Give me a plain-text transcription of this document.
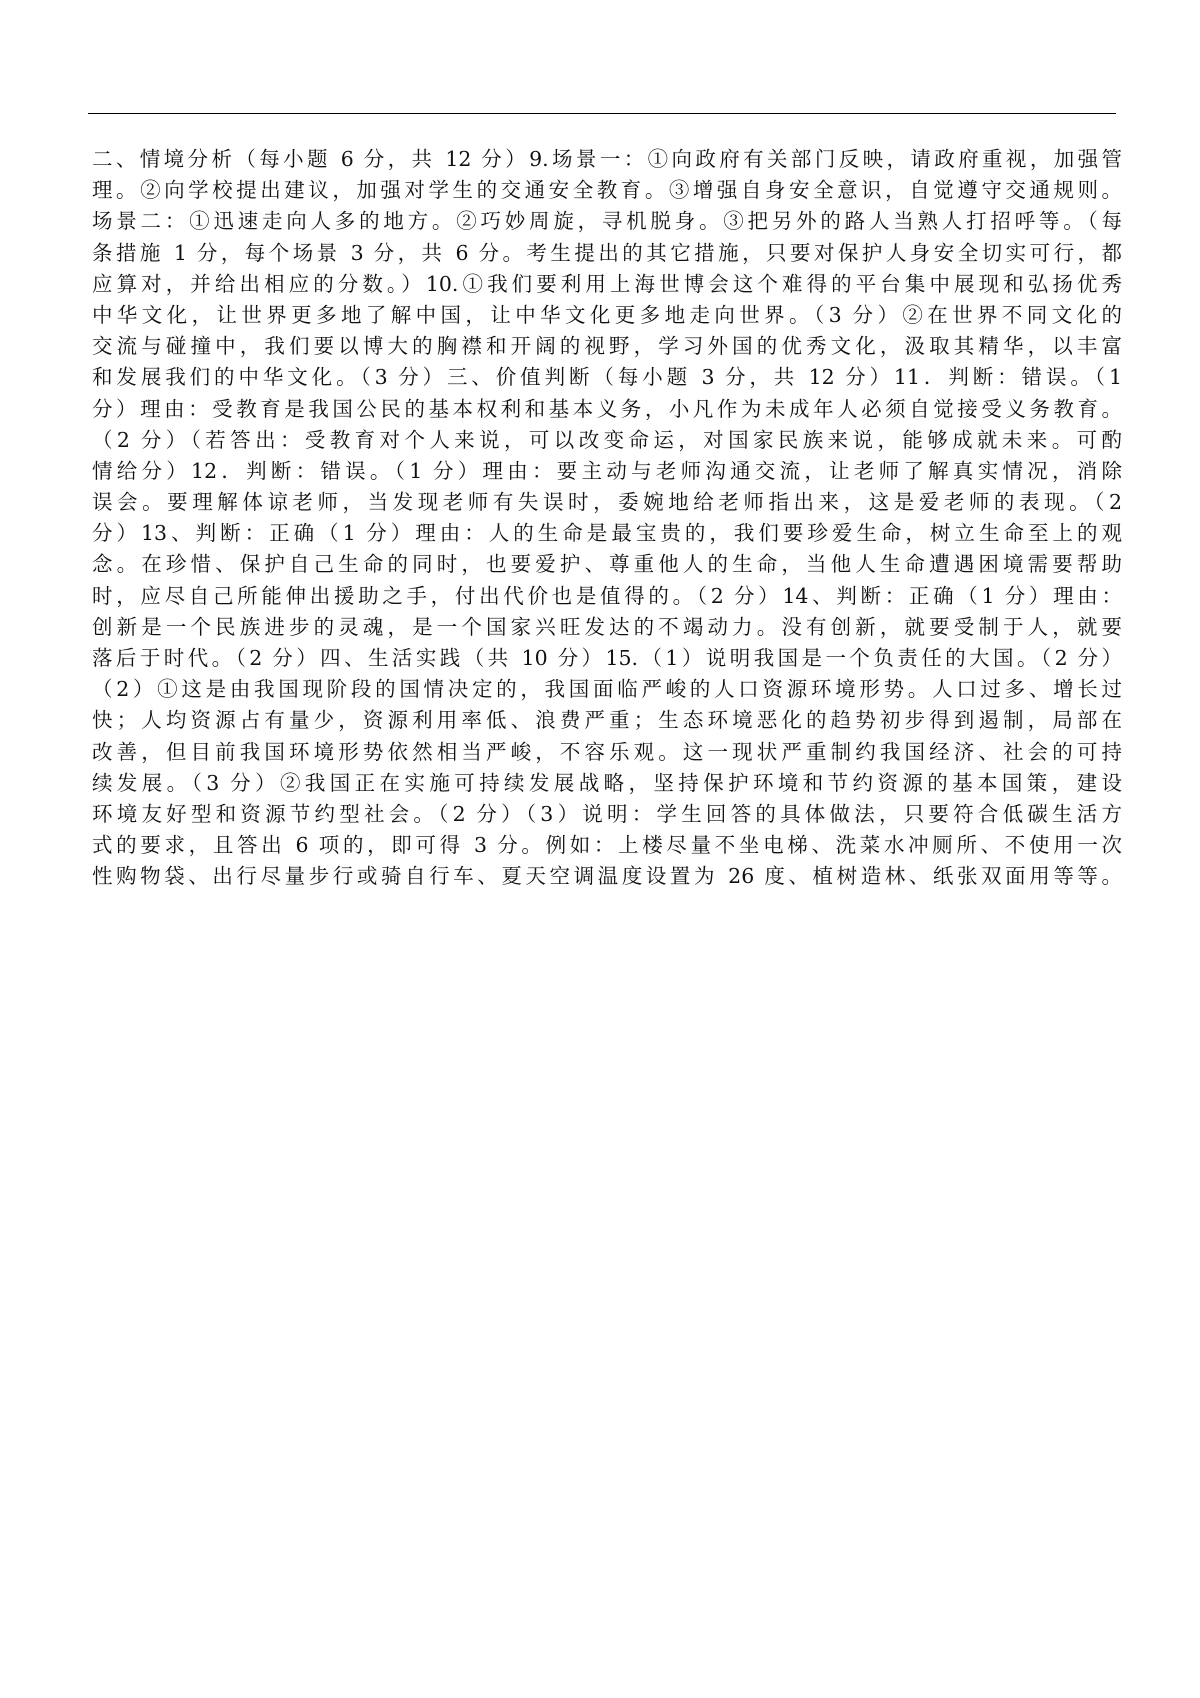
二、情境分析（每小题 6 分，共 12 分）9.场景一：①向政府有关部门反映，请政府重视，加强管
理。②向学校提出建议，加强对学生的交通安全教育。③增强自身安全意识，自觉遵守交通规则。
场景二：①迅速走向人多的地方。②巧妙周旋，寻机脱身。③把另外的路人当熟人打招呼等。（每
条措施 1 分，每个场景 3 分，共 6 分。考生提出的其它措施，只要对保护人身安全切实可行，都
应算对，并给出相应的分数。）10.①我们要利用上海世博会这个难得的平台集中展现和弘扬优秀
中华文化，让世界更多地了解中国，让中华文化更多地走向世界。（3 分）②在世界不同文化的
交流与碰撞中，我们要以博大的胸襟和开阔的视野，学习外国的优秀文化，汲取其精华，以丰富
和发展我们的中华文化。（3 分）三、价值判断（每小题 3 分，共 12 分）11．判断：错误。（1
分）理由：受教育是我国公民的基本权利和基本义务，小凡作为未成年人必须自觉接受义务教育。
（2 分）（若答出：受教育对个人来说，可以改变命运，对国家民族来说，能够成就未来。可酌
情给分）12．判断：错误。（1 分）理由：要主动与老师沟通交流，让老师了解真实情况，消除
误会。要理解体谅老师，当发现老师有失误时，委婉地给老师指出来，这是爱老师的表现。（2
分）13、判断：正确（1 分）理由：人的生命是最宝贵的，我们要珍爱生命，树立生命至上的观
念。在珍惜、保护自己生命的同时，也要爱护、尊重他人的生命，当他人生命遭遇困境需要帮助
时，应尽自己所能伸出援助之手，付出代价也是值得的。（2 分）14、判断：正确（1 分）理由：
创新是一个民族进步的灵魂，是一个国家兴旺发达的不竭动力。没有创新，就要受制于人，就要
落后于时代。（2 分）四、生活实践（共 10 分）15.（1）说明我国是一个负责任的大国。（2 分）
（2）①这是由我国现阶段的国情决定的，我国面临严峻的人口资源环境形势。人口过多、增长过
快；人均资源占有量少，资源利用率低、浪费严重；生态环境恶化的趋势初步得到遏制，局部在
改善，但目前我国环境形势依然相当严峻，不容乐观。这一现状严重制约我国经济、社会的可持
续发展。（3 分）②我国正在实施可持续发展战略，坚持保护环境和节约资源的基本国策，建设
环境友好型和资源节约型社会。（2 分）（3）说明：学生回答的具体做法，只要符合低碳生活方
式的要求，且答出 6 项的，即可得 3 分。例如：上楼尽量不坐电梯、洗菜水冲厕所、不使用一次
性购物袋、出行尽量步行或骑自行车、夏天空调温度设置为 26 度、植树造林、纸张双面用等等。
